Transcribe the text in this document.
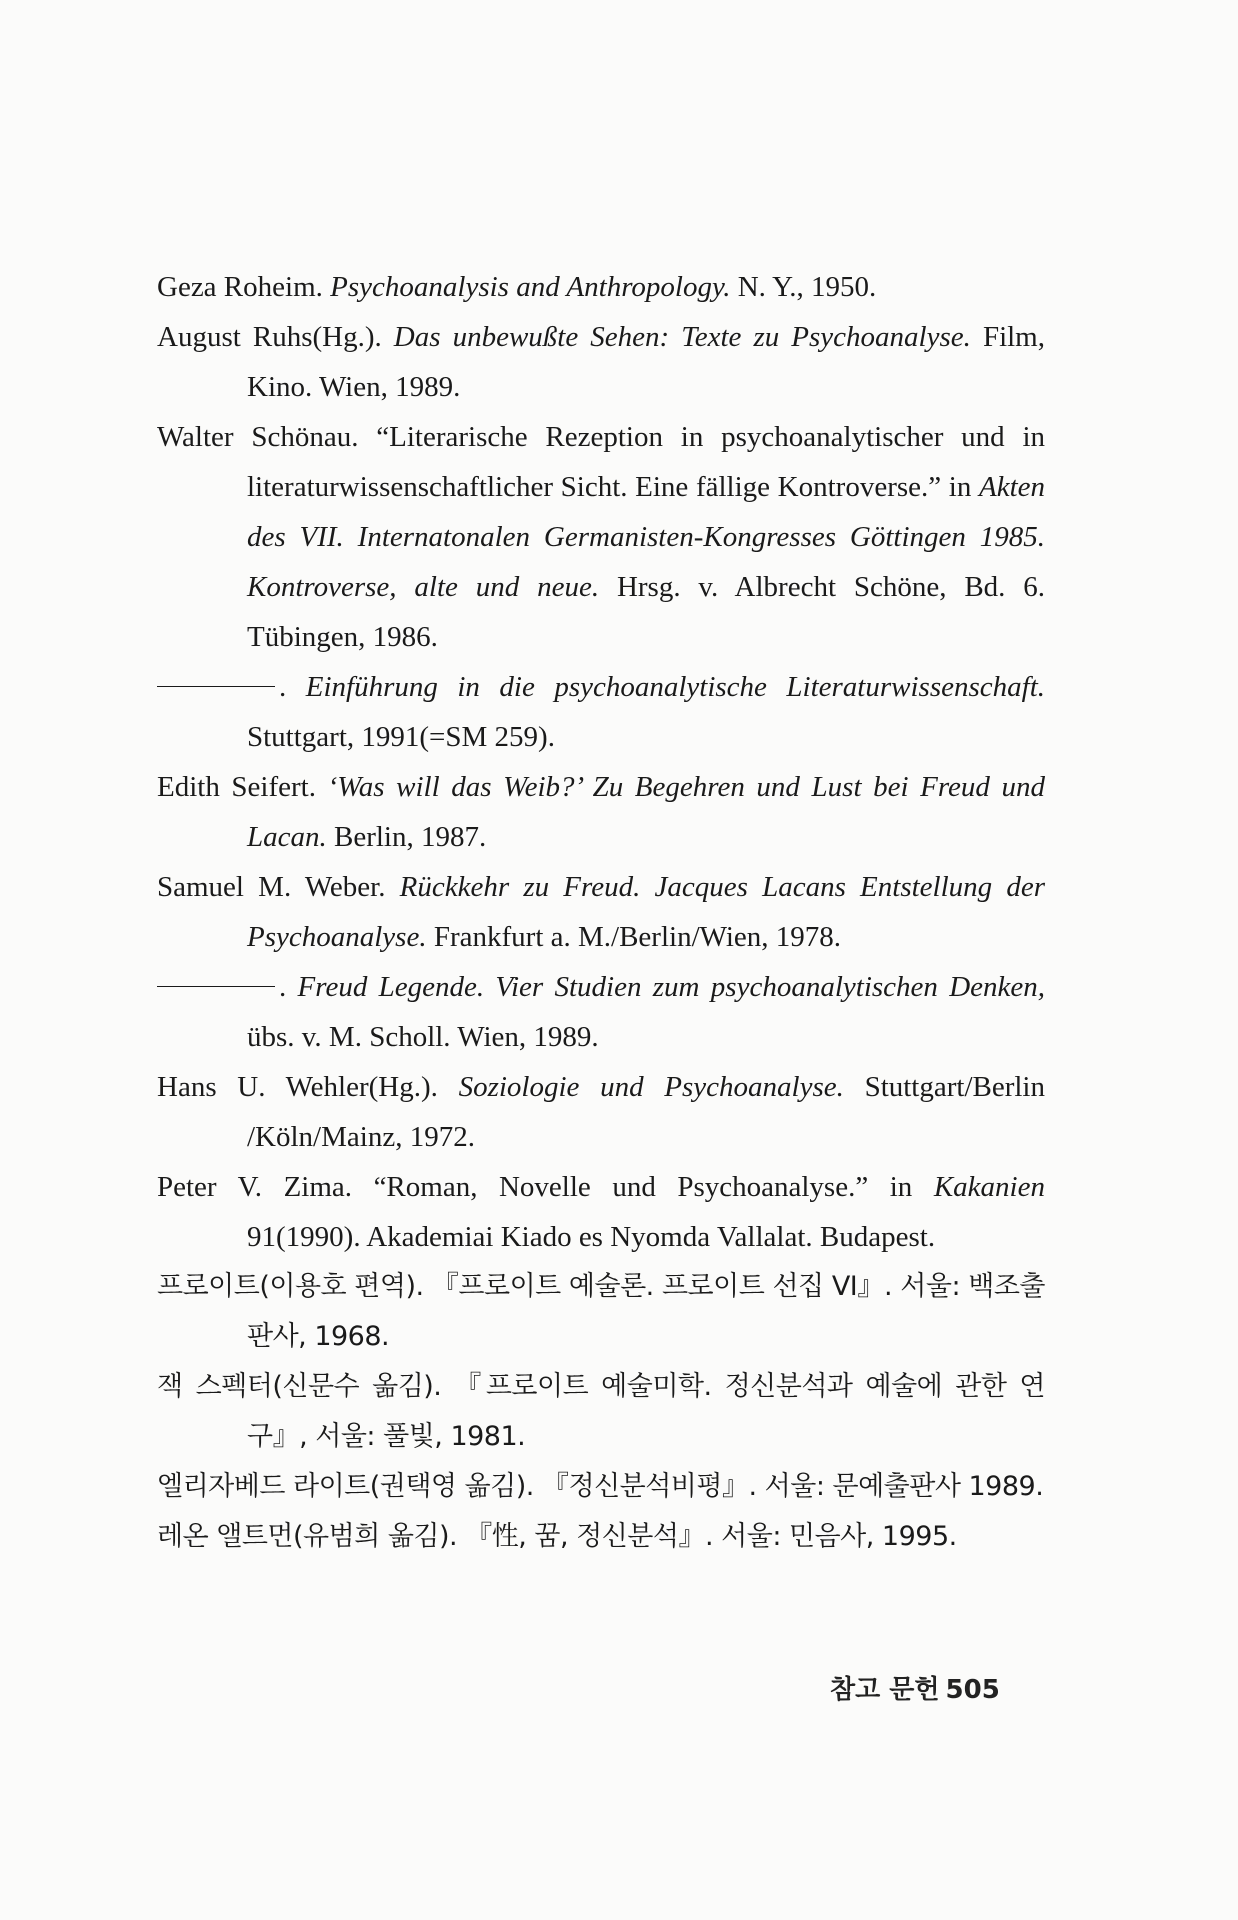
Geza Roheim. Psychoanalysis and Anthropology. N. Y., 1950.
August Ruhs(Hg.). Das unbewußte Sehen: Texte zu Psychoanalyse. Film, Kino. Wien, 1989.
Walter Schönau. “Literarische Rezeption in psychoanalytischer und in literaturwissenschaftlicher Sicht. Eine fällige Kontroverse.” in Akten des VII. Internatonalen Germanisten-Kongresses Göttingen 1985. Kontroverse, alte und neue. Hrsg. v. Albrecht Schöne, Bd. 6. Tübingen, 1986.
. Einführung in die psychoanalytische Literaturwissenschaft. Stuttgart, 1991(=SM 259).
Edith Seifert. ‘Was will das Weib?’ Zu Begehren und Lust bei Freud und Lacan. Berlin, 1987.
Samuel M. Weber. Rückkehr zu Freud. Jacques Lacans Entstellung der Psychoanalyse. Frankfurt a. M./Berlin/Wien, 1978.
. Freud Legende. Vier Studien zum psychoanalytischen Denken, übs. v. M. Scholl. Wien, 1989.
Hans U. Wehler(Hg.). Soziologie und Psychoanalyse. Stuttgart/Berlin /Köln/Mainz, 1972.
Peter V. Zima. “Roman, Novelle und Psychoanalyse.” in Kakanien 91(1990). Akademiai Kiado es Nyomda Vallalat. Budapest.
프로이트(이용호 편역). 『프로이트 예술론. 프로이트 선집 VI』. 서울: 백조출판사, 1968.
잭 스펙터(신문수 옮김). 『프로이트 예술미학. 정신분석과 예술에 관한 연구』, 서울: 풀빛, 1981.
엘리자베드 라이트(권택영 옮김). 『정신분석비평』. 서울: 문예출판사 1989.
레온 앨트먼(유범희 옮김). 『性, 꿈, 정신분석』. 서울: 민음사, 1995.
참고 문헌 505
